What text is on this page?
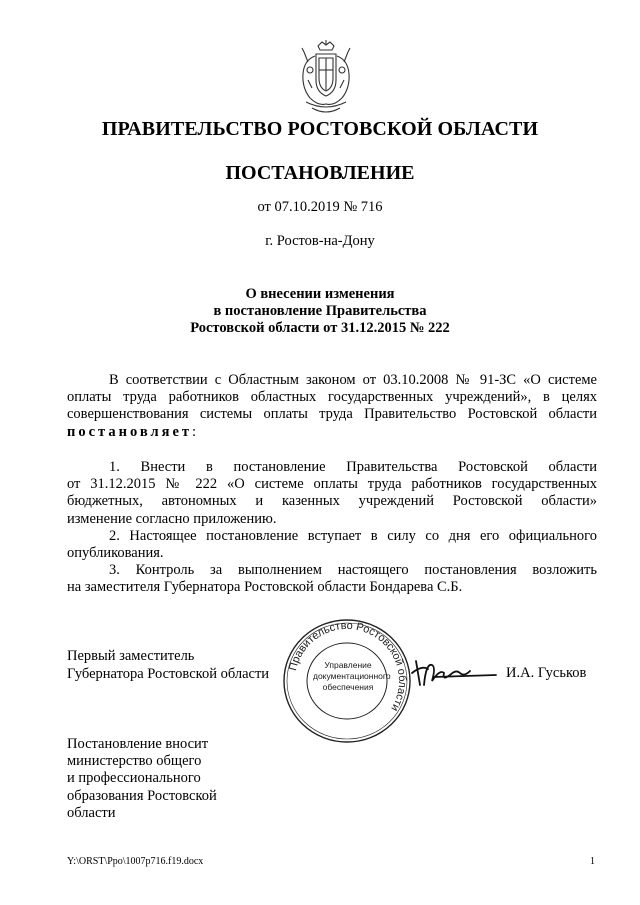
ПРАВИТЕЛЬСТВО РОСТОВСКОЙ ОБЛАСТИ
ПОСТАНОВЛЕНИЕ
от 07.10.2019 № 716
г. Ростов-на-Дону
О внесении изменения
в постановление Правительства
Ростовской области от 31.12.2015 № 222
В соответствии с Областным законом от 03.10.2008 № 91-ЗС «О системе
оплаты труда работников областных государственных учреждений», в целях
совершенствования системы оплаты труда Правительство Ростовской области
постановляет:
1. Внести в постановление Правительства Ростовской области
от 31.12.2015 № 222 «О системе оплаты труда работников государственных
бюджетных, автономных и казенных учреждений Ростовской области»
изменение согласно приложению.
2. Настоящее постановление вступает в силу со дня его официального
опубликования.
3. Контроль за выполнением настоящего постановления возложить
на заместителя Губернатора Ростовской области Бондарева С.Б.
Первый заместитель
Губернатора Ростовской области Правительство Ростовской области
Управление
документационного
обеспечения
И.А. Гуськов
Постановление вносит
министерство общего
и профессионального
образования Ростовской
области
Y:\ORST\Ppo\1007p716.f19.docx	1
